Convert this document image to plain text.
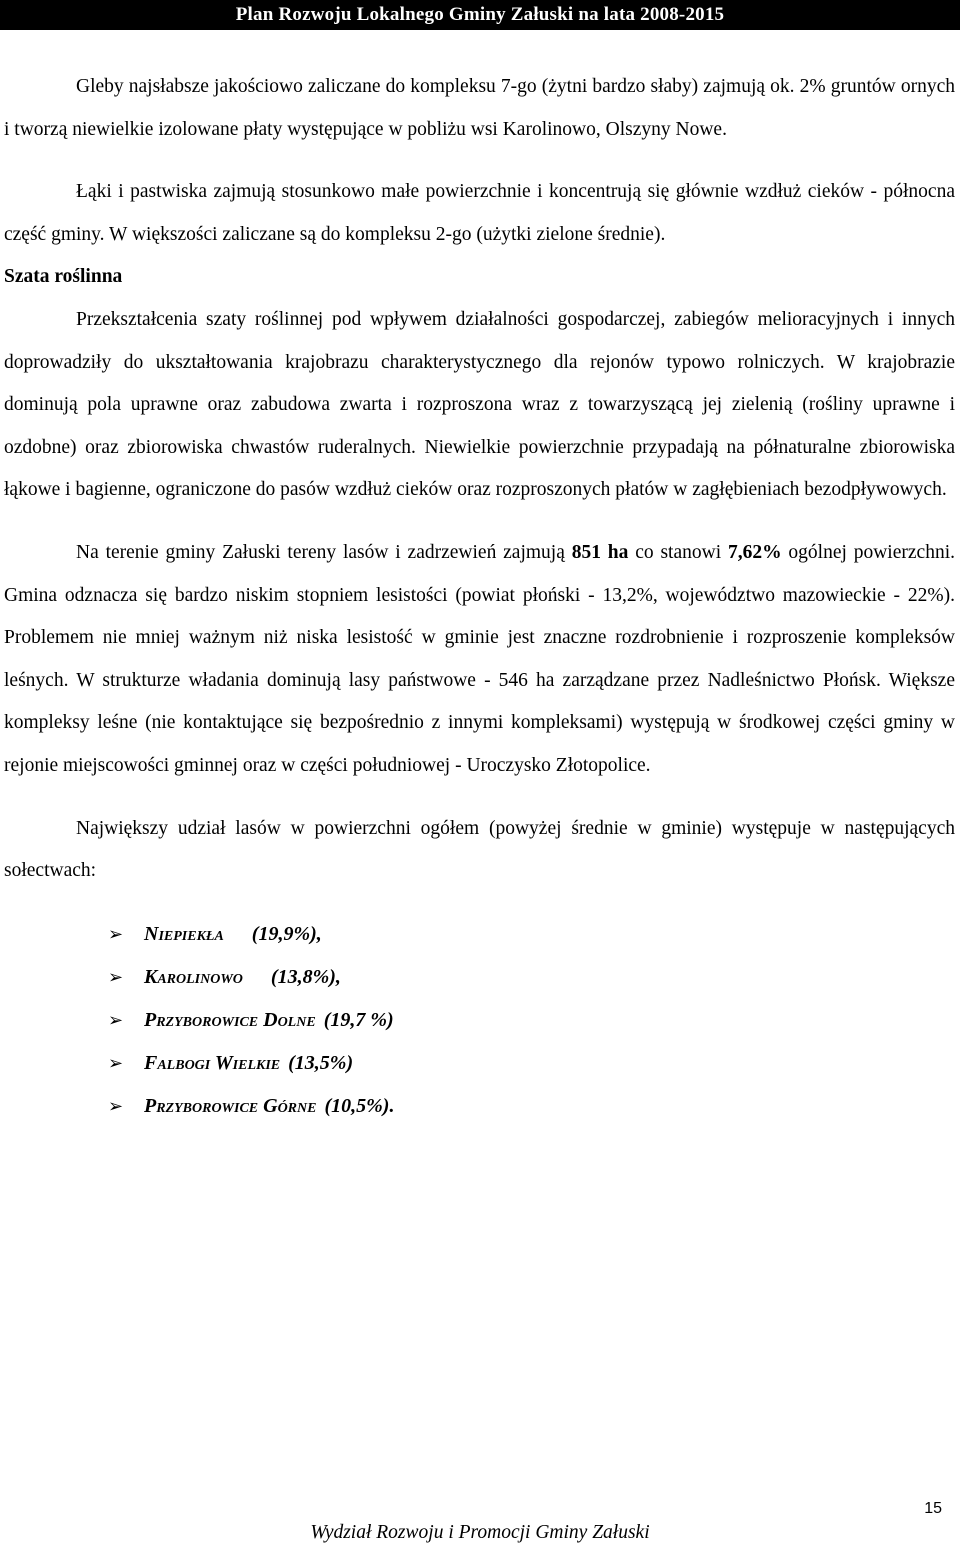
Plan Rozwoju Lokalnego Gminy Załuski na lata 2008-2015

Gleby najsłabsze jakościowo zaliczane do kompleksu 7-go (żytni bardzo słaby) zajmują ok. 2% gruntów ornych i tworzą niewielkie izolowane płaty występujące w pobliżu wsi Karolinowo, Olszyny Nowe.

Łąki i pastwiska zajmują stosunkowo małe powierzchnie i koncentrują się głównie wzdłuż cieków - północna część gminy. W większości zaliczane są do kompleksu 2-go (użytki zielone średnie).

Szata roślinna

Przekształcenia szaty roślinnej pod wpływem działalności gospodarczej, zabiegów melioracyjnych i innych doprowadziły do ukształtowania krajobrazu charakterystycznego dla rejonów typowo rolniczych. W krajobrazie dominują pola uprawne oraz zabudowa zwarta i rozproszona wraz z towarzyszącą jej zielenią (rośliny uprawne i ozdobne) oraz zbiorowiska chwastów ruderalnych. Niewielkie powierzchnie przypadają na półnaturalne zbiorowiska łąkowe i bagienne, ograniczone do pasów wzdłuż cieków oraz rozproszonych płatów w zagłębieniach bezodpływowych.

Na terenie gminy Załuski tereny lasów i zadrzewień zajmują 851 ha co stanowi 7,62% ogólnej powierzchni. Gmina odznacza się bardzo niskim stopniem lesistości (powiat płoński - 13,2%, województwo mazowieckie - 22%). Problemem nie mniej ważnym niż niska lesistość w gminie jest znaczne rozdrobnienie i rozproszenie kompleksów leśnych. W strukturze władania dominują lasy państwowe - 546 ha zarządzane przez Nadleśnictwo Płońsk. Większe kompleksy leśne (nie kontaktujące się bezpośrednio z innymi kompleksami) występują w środkowej części gminy w rejonie miejscowości gminnej oraz w części południowej - Uroczysko Złotopolice.

Największy udział lasów w powierzchni ogółem (powyżej średnie w gminie) występuje w następujących sołectwach:

➢	Niepiekła (19,9%),
➢	Karolinowo (13,8%),
➢	Przyborowice Dolne (19,7 %)
➢	Falbogi Wielkie (13,5%)
➢	Przyborowice Górne (10,5%).
15
Wydział Rozwoju i Promocji Gminy Załuski
